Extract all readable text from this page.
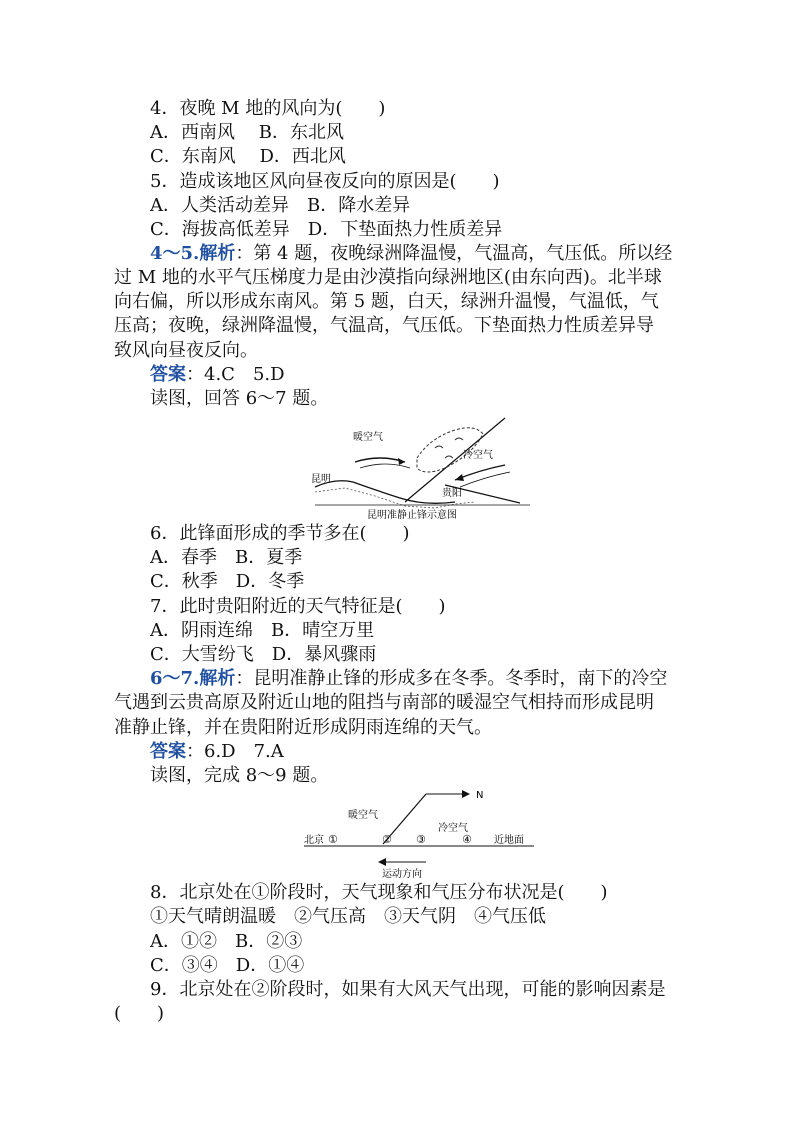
4．夜晚 M 地的风向为(　　)
A．西南风　 B．东北风
C．东南风　 D．西北风
5．造成该地区风向昼夜反向的原因是(　　)
A．人类活动差异　B．降水差异
C．海拔高低差异　D．下垫面热力性质差异
4～5.解析：第 4 题，夜晚绿洲降温慢，气温高，气压低。所以经
过 M 地的水平气压梯度力是由沙漠指向绿洲地区(由东向西)。北半球
向右偏，所以形成东南风。第 5 题，白天，绿洲升温慢，气温低，气
压高；夜晚，绿洲降温慢，气温高，气压低。下垫面热力性质差异导
致风向昼夜反向。
答案：4.C　5.D
读图，回答 6～7 题。
暖空气
冷空气
昆明
贵阳
昆明准静止锋示意图
6．此锋面形成的季节多在(　　)
A．春季　B．夏季
C．秋季　D．冬季
7．此时贵阳附近的天气特征是(　　)
A．阴雨连绵　B．晴空万里
C．大雪纷飞　D．暴风骤雨
6～7.解析：昆明准静止锋的形成多在冬季。冬季时，南下的冷空
气遇到云贵高原及附近山地的阻挡与南部的暖湿空气相持而形成昆明
准静止锋，并在贵阳附近形成阴雨连绵的天气。
答案：6.D　7.A
读图，完成 8～9 题。
N
暖空气
冷空气
北京 ①	② ③	④ 近地面
运动方向
8．北京处在①阶段时，天气现象和气压分布状况是(　　)
①天气晴朗温暖　②气压高　③天气阴　④气压低
A．①②　B．②③
C．③④　D．①④
9．北京处在②阶段时，如果有大风天气出现，可能的影响因素是
(　　)
